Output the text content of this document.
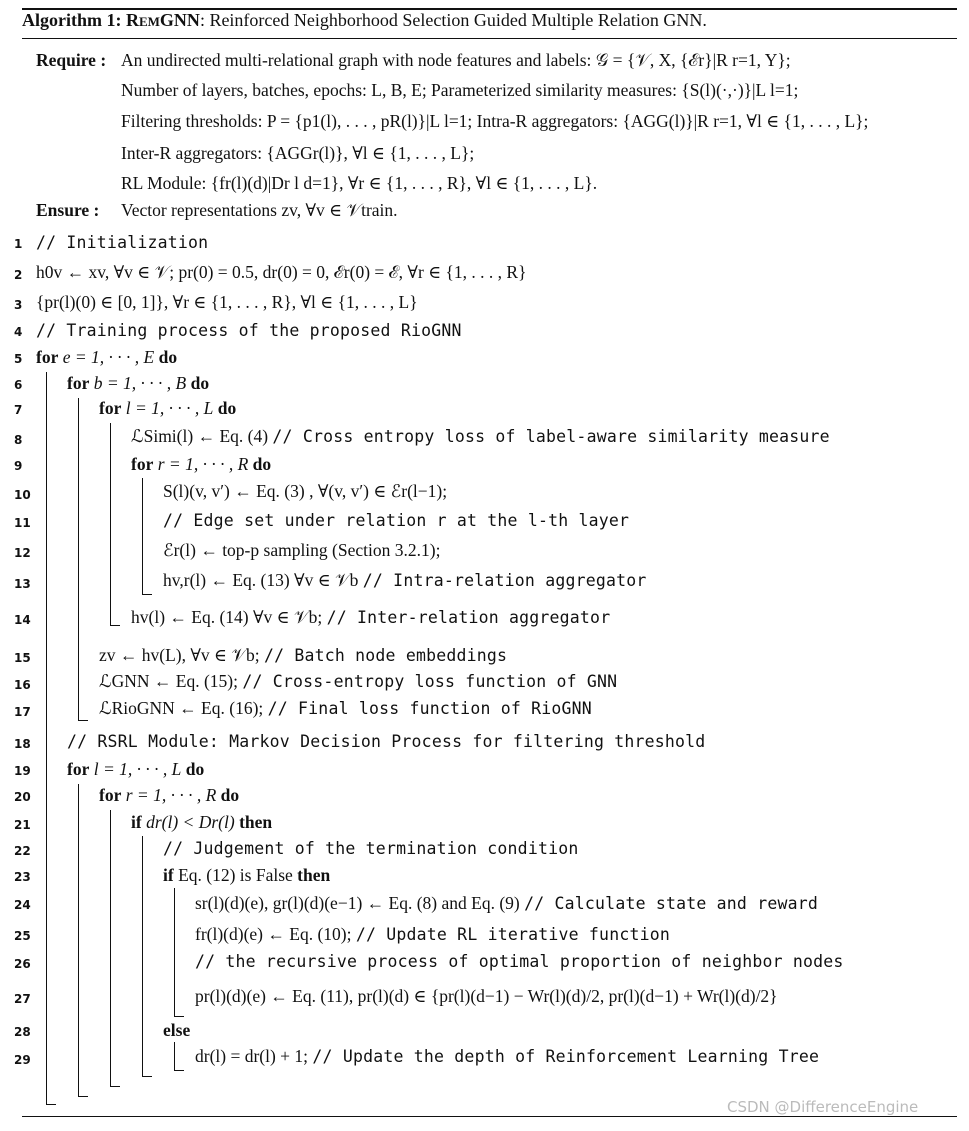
Algorithm 1: RemGNN: Reinforced Neighborhood Selection Guided Multiple Relation GNN.
Require : An undirected multi-relational graph with node features and labels: 𝒢 = {𝒱, X, {ℰr}|R r=1, Y};
Number of layers, batches, epochs: L, B, E; Parameterized similarity measures: {S(l)(·,·)}|L l=1;
Filtering thresholds: P = {p1(l), . . . , pR(l)}|L l=1; Intra-R aggregators: {AGG(l)}|R r=1, ∀l ∈ {1, . . . , L};
Inter-R aggregators: {AGGr(l)}, ∀l ∈ {1, . . . , L};
RL Module: {fr(l)(d)|Dr l d=1}, ∀r ∈ {1, . . . , R}, ∀l ∈ {1, . . . , L}.
Ensure : Vector representations zv, ∀v ∈ 𝒱train.
1
2
3
4
5
6
7
8
9
10
11
12
13
14
15
16
17
18
19
20
21
22
23
24
25
26
27
28
29
// Initialization
h0v ← xv, ∀v ∈ 𝒱; pr(0) = 0.5, dr(0) = 0, ℰr(0) = ℰ, ∀r ∈ {1, . . . , R}
{pr(l)(0) ∈ [0, 1]}, ∀r ∈ {1, . . . , R}, ∀l ∈ {1, . . . , L}
// Training process of the proposed RioGNN
for e = 1, · · · , E do
for b = 1, · · · , B do
for l = 1, · · · , L do
ℒSimi(l) ← Eq. (4) // Cross entropy loss of label-aware similarity measure
for r = 1, · · · , R do
S(l)(v, v′) ← Eq. (3) , ∀(v, v′) ∈ ℰr(l−1);
// Edge set under relation r at the l-th layer
ℰr(l) ← top-p sampling (Section 3.2.1);
hv,r(l) ← Eq. (13) ∀v ∈ 𝒱b // Intra-relation aggregator
hv(l) ← Eq. (14) ∀v ∈ 𝒱b; // Inter-relation aggregator
zv ← hv(L), ∀v ∈ 𝒱b; // Batch node embeddings
ℒGNN ← Eq. (15); // Cross-entropy loss function of GNN
ℒRioGNN ← Eq. (16); // Final loss function of RioGNN
// RSRL Module: Markov Decision Process for filtering threshold
for l = 1, · · · , L do
for r = 1, · · · , R do
if dr(l) < Dr(l) then
// Judgement of the termination condition
if Eq. (12) is False then
sr(l)(d)(e), gr(l)(d)(e−1) ← Eq. (8) and Eq. (9) // Calculate state and reward
fr(l)(d)(e) ← Eq. (10); // Update RL iterative function
// the recursive process of optimal proportion of neighbor nodes
pr(l)(d)(e) ← Eq. (11), pr(l)(d) ∈ {pr(l)(d−1) − Wr(l)(d)/2, pr(l)(d−1) + Wr(l)(d)/2}
else
dr(l) = dr(l) + 1; // Update the depth of Reinforcement Learning Tree
CSDN @DifferenceEngine
